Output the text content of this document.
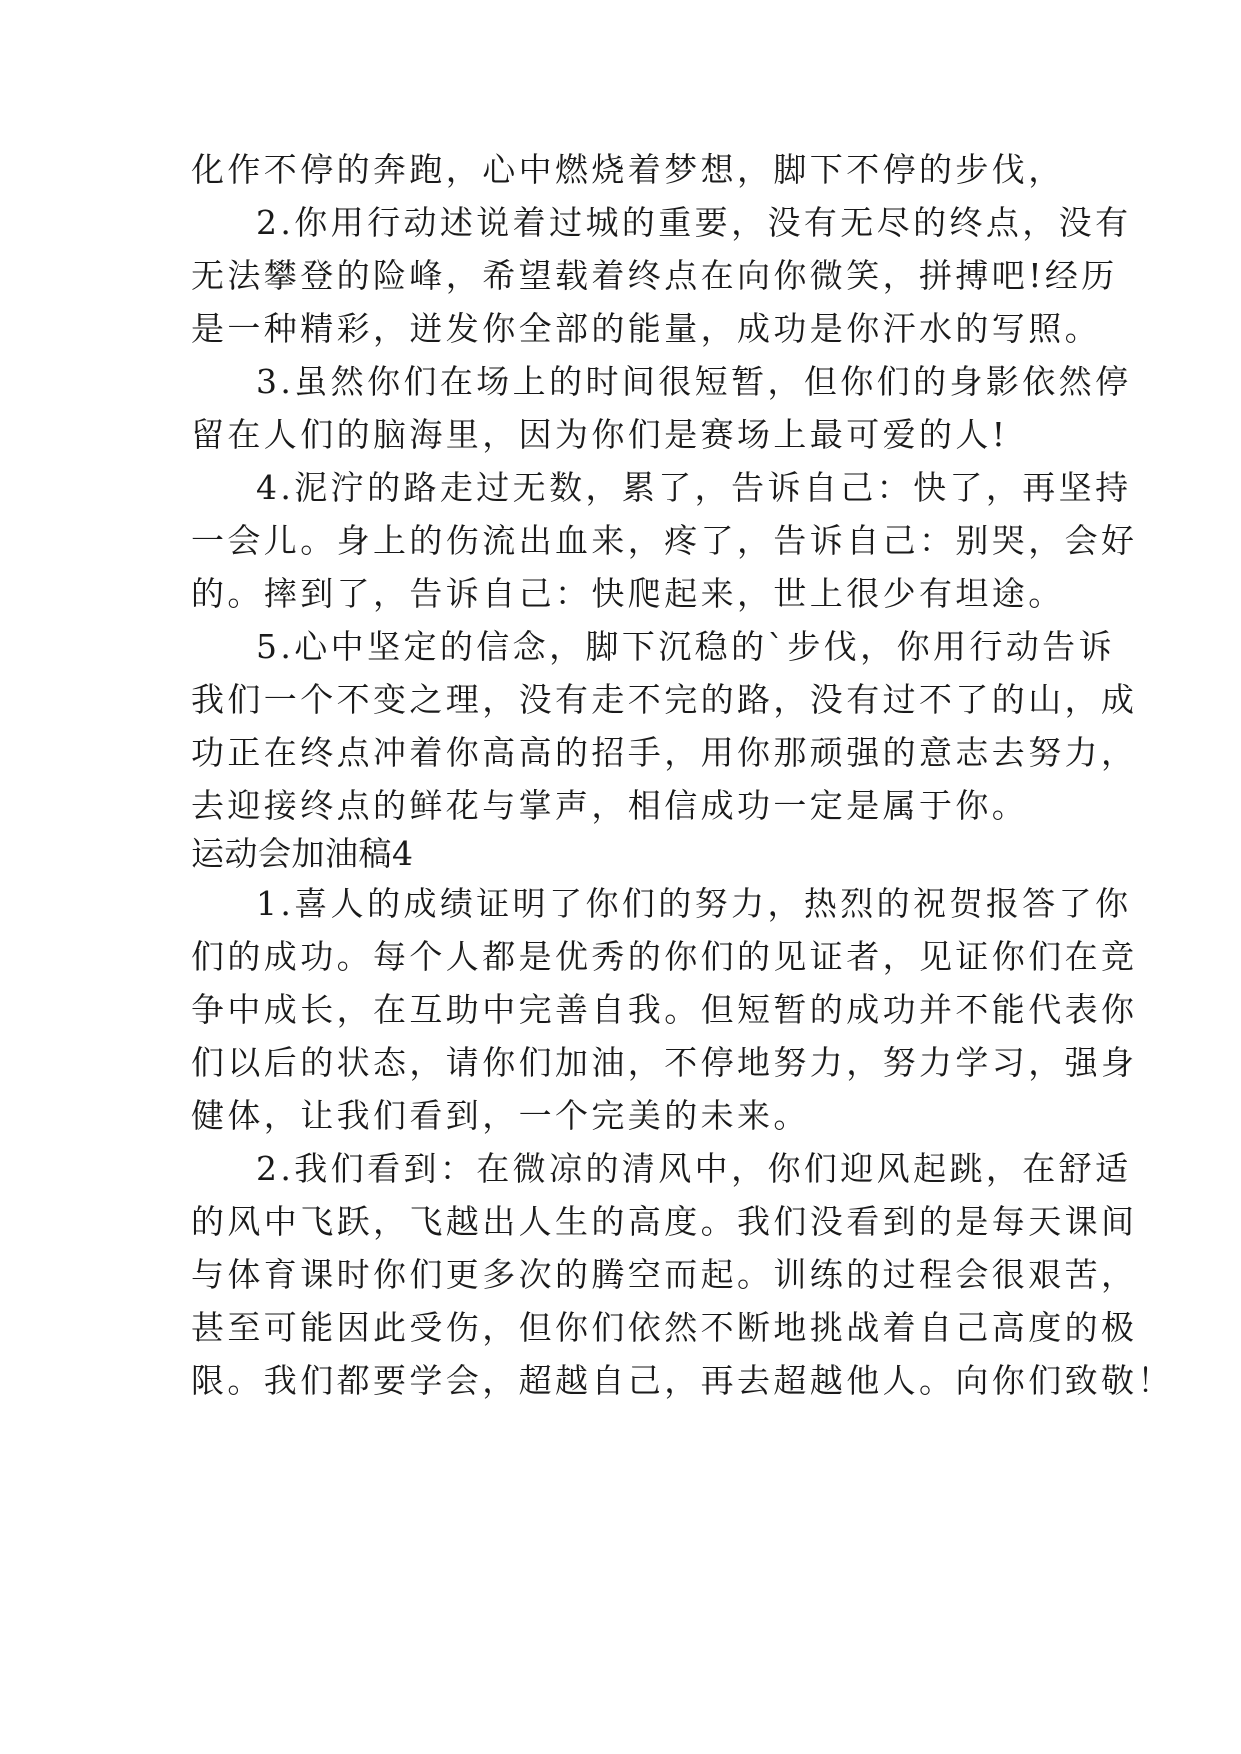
化作不停的奔跑，心中燃烧着梦想，脚下不停的步伐，
2.你用行动述说着过城的重要，没有无尽的终点，没有
无法攀登的险峰，希望载着终点在向你微笑，拼搏吧!经历
是一种精彩，迸发你全部的能量，成功是你汗水的写照。
3.虽然你们在场上的时间很短暂，但你们的身影依然停
留在人们的脑海里，因为你们是赛场上最可爱的人!
4.泥泞的路走过无数，累了，告诉自己：快了，再坚持
一会儿。身上的伤流出血来，疼了，告诉自己：别哭，会好
的。摔到了，告诉自己：快爬起来，世上很少有坦途。
5.心中坚定的信念，脚下沉稳的`步伐，你用行动告诉
我们一个不变之理，没有走不完的路，没有过不了的山，成
功正在终点冲着你高高的招手，用你那顽强的意志去努力，
去迎接终点的鲜花与掌声，相信成功一定是属于你。
运动会加油稿4
1.喜人的成绩证明了你们的努力，热烈的祝贺报答了你
们的成功。每个人都是优秀的你们的见证者，见证你们在竞
争中成长，在互助中完善自我。但短暂的成功并不能代表你
们以后的状态，请你们加油，不停地努力，努力学习，强身
健体，让我们看到，一个完美的未来。
2.我们看到：在微凉的清风中，你们迎风起跳，在舒适
的风中飞跃，飞越出人生的高度。我们没看到的是每天课间
与体育课时你们更多次的腾空而起。训练的过程会很艰苦，
甚至可能因此受伤，但你们依然不断地挑战着自己高度的极
限。我们都要学会，超越自己，再去超越他人。向你们致敬！
